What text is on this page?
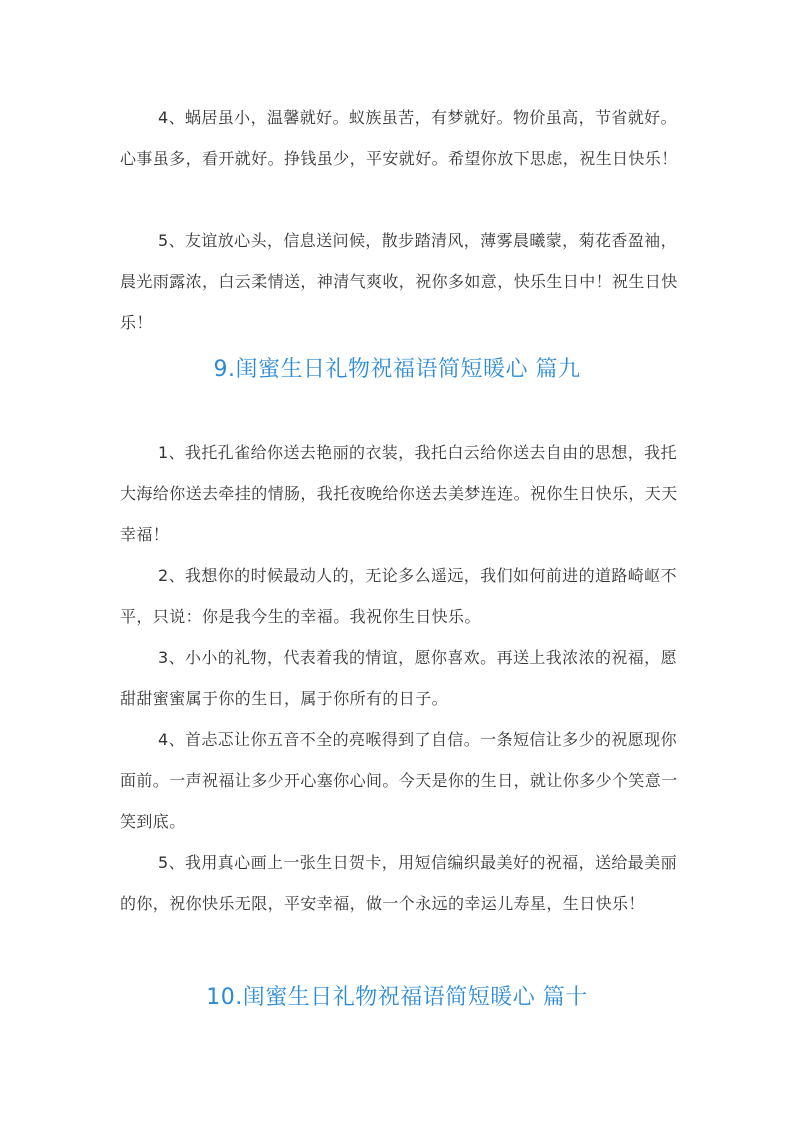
4、蜗居虽小，温馨就好。蚁族虽苦，有梦就好。物价虽高，节省就好。心事虽多，看开就好。挣钱虽少，平安就好。希望你放下思虑，祝生日快乐！

5、友谊放心头，信息送问候，散步踏清风，薄雾晨曦蒙，菊花香盈袖，晨光雨露浓，白云柔情送，神清气爽收，祝你多如意，快乐生日中！祝生日快乐！

9.闺蜜生日礼物祝福语简短暖心 篇九

1、我托孔雀给你送去艳丽的衣装，我托白云给你送去自由的思想，我托大海给你送去牵挂的情肠，我托夜晚给你送去美梦连连。祝你生日快乐，天天幸福！

2、我想你的时候最动人的，无论多么遥远，我们如何前进的道路崎岖不平，只说：你是我今生的幸福。我祝你生日快乐。

3、小小的礼物，代表着我的情谊，愿你喜欢。再送上我浓浓的祝福，愿甜甜蜜蜜属于你的生日，属于你所有的日子。

4、首忐忑让你五音不全的亮喉得到了自信。一条短信让多少的祝愿现你面前。一声祝福让多少开心塞你心间。今天是你的生日，就让你多少个笑意一笑到底。

5、我用真心画上一张生日贺卡，用短信编织最美好的祝福，送给最美丽的你，祝你快乐无限，平安幸福，做一个永远的幸运儿寿星，生日快乐！

10.闺蜜生日礼物祝福语简短暖心 篇十
